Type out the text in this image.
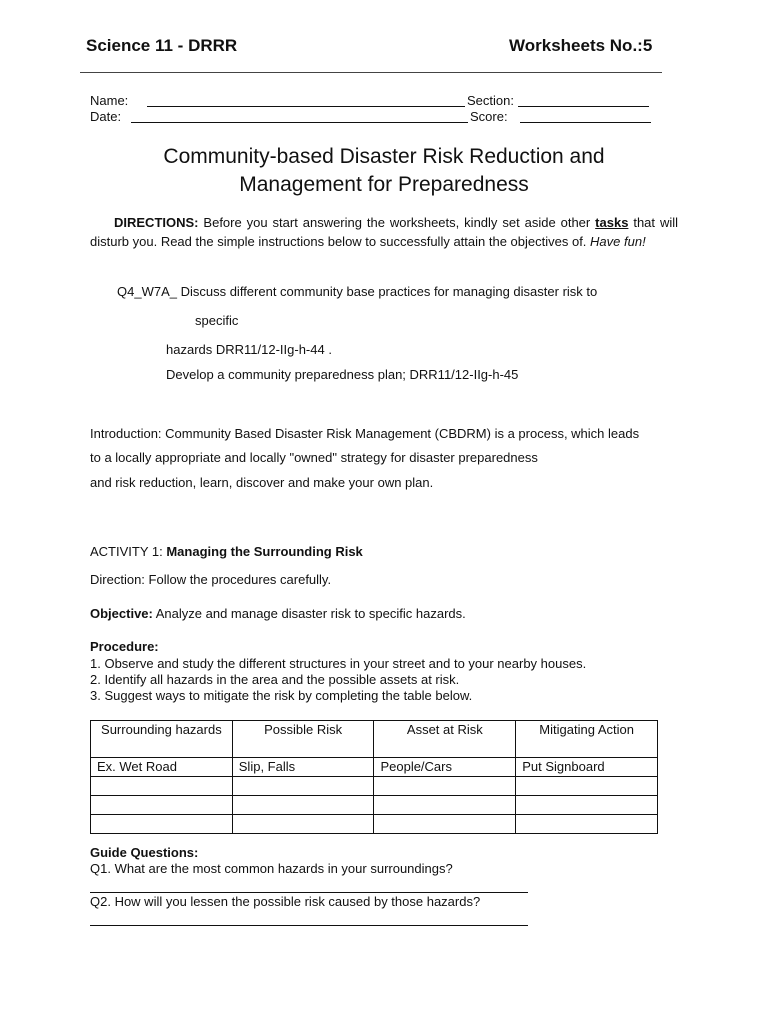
Science 11 - DRRR	Worksheets No.:5
Name:	Section:
Date:	Score:
Community-based Disaster Risk Reduction and
Management for Preparedness
DIRECTIONS: Before you start answering the worksheets, kindly set aside other tasks that will disturb you. Read the simple instructions below to successfully attain the objectives of. Have fun!
Q4_W7A_ Discuss different community base practices for managing disaster risk to
specific
hazards DRR11/12-IIg-h-44 .
Develop a community preparedness plan; DRR11/12-IIg-h-45
Introduction: Community Based Disaster Risk Management (CBDRM) is a process, which leads
to a locally appropriate and locally "owned" strategy for disaster preparedness
and risk reduction, learn, discover and make your own plan.
ACTIVITY 1: Managing the Surrounding Risk
Direction: Follow the procedures carefully.
Objective: Analyze and manage disaster risk to specific hazards.
Procedure:
1. Observe and study the different structures in your street and to your nearby houses.
2. Identify all hazards in the area and the possible assets at risk.
3. Suggest ways to mitigate the risk by completing the table below.
Surrounding hazards	Possible Risk	Asset at Risk	Mitigating Action
Ex. Wet Road	Slip, Falls	People/Cars	Put Signboard

Guide Questions:
Q1. What are the most common hazards in your surroundings?
Q2. How will you lessen the possible risk caused by those hazards?
